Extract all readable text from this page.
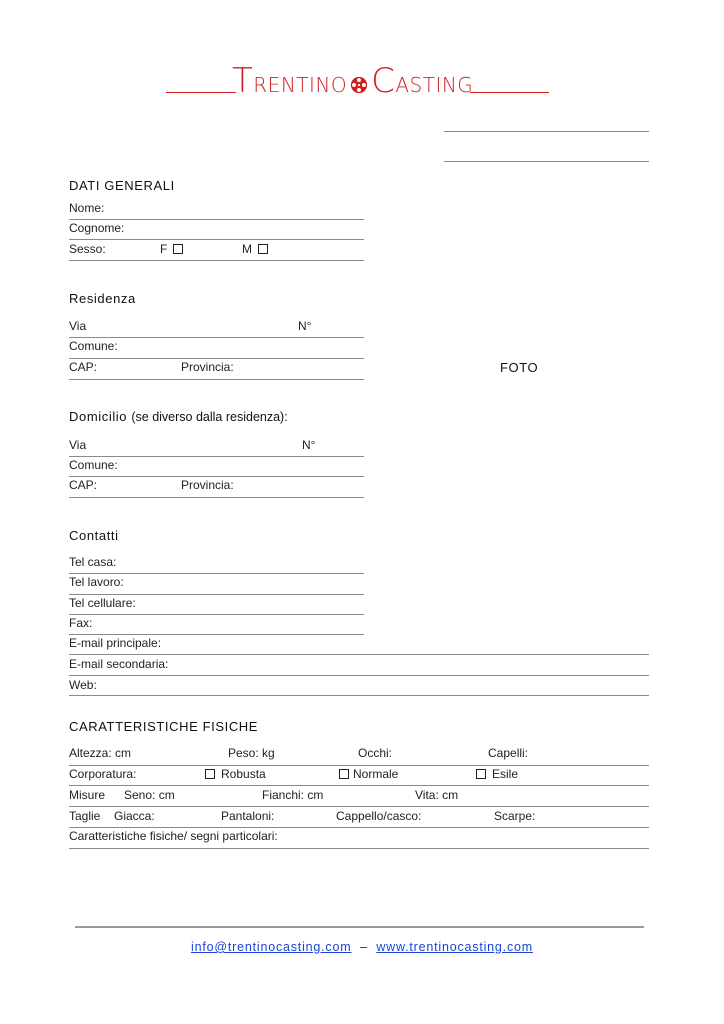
T RENTINO C ASTING
DATI GENERALI
Nome:
Cognome:
Sesso:	F	M
Residenza
Via	N°
Comune:
CAP:	Provincia:	FOTO
Domicilio (se diverso dalla residenza):
Via	N°
Comune:
CAP:	Provincia:
Contatti
Tel casa:
Tel lavoro:
Tel cellulare:
Fax:
E-mail principale:
E-mail secondaria:
Web:
CARATTERISTICHE FISICHE
Altezza: cm	Peso: kg	Occhi:	Capelli:
Corporatura:	Robusta	Normale	Esile
Misure Seno: cm	Fianchi: cm	Vita: cm
Taglie Giacca:	Pantaloni:	Cappello/casco:	Scarpe:
Caratteristiche fisiche/ segni particolari:
info@trentinocasting.com – www.trentinocasting.com
